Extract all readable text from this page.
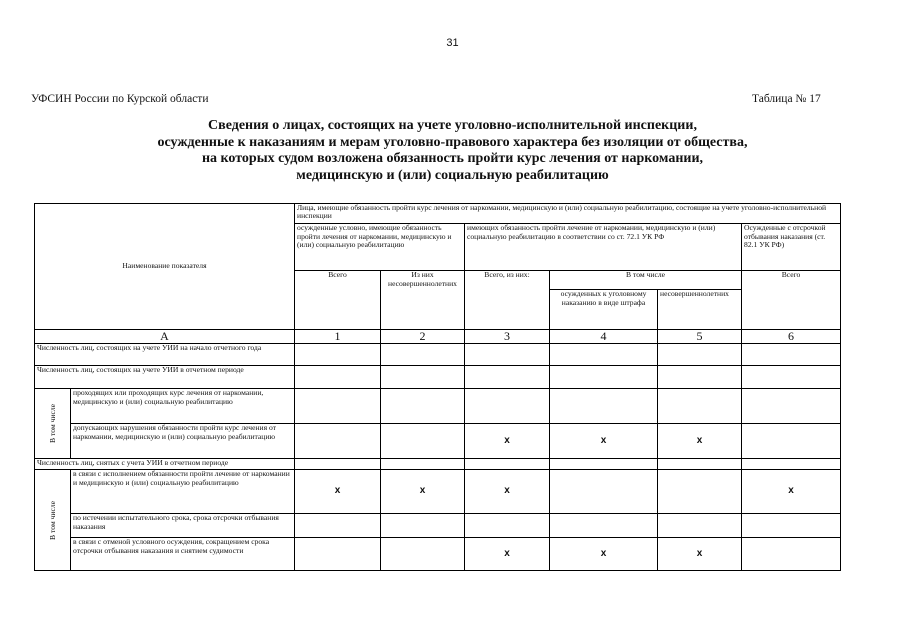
31
УФСИН России по Курской области	Таблица № 17
Сведения о лицах, состоящих на учете уголовно-исполнительной инспекции,
осужденные к наказаниям и мерам уголовно-правового характера без изоляции от общества,
на которых судом возложена обязанность пройти курс лечения от наркомании,
медицинскую и (или) социальную реабилитацию
Наименование показателя		Лица, имеющие обязанность пройти курс лечения от наркомании, медицинскую и (или) социальную реабилитацию, состоящие на учете уголовно-исполнительной инспекции					
		осужденные условно, имеющие обязанность пройти лечения от наркомании, медицинскую и (или) социальную реабилитацию		имеющих обязанность пройти лечение от наркомании, медицинскую и (или) социальную реабилитацию в соответствии со ст. 72.1 УК РФ			Осужденные с отсрочкой отбывания наказания (ст. 82.1 УК РФ)
		Всего	Из них несовершеннолетних	Всего, из них:	В том числе		Всего
					осужденных к уголовному наказанию в виде штрафа	несовершеннолетних	
А		1	2	3	4	5	6
Численность лиц, состоящих на учете УИИ на начало отчетного года							
Численность лиц, состоящих на учете УИИ в отчетном периоде							

В том числе	проходящих или проходящих курс лечения от наркомании, медицинскую и (или) социальную реабилитацию						
	допускающих нарушения обязанности пройти курс лечения от наркомании, медицинскую и (или) социальную реабилитацию			х	х	х	
Численность лиц, снятых с учета УИИ в отчетном периоде							

В том числе	в связи с исполнением обязанности пройти лечение от наркомании и медицинскую и (или) социальную реабилитацию	х	х	х			х
	по истечении испытательного срока, срока отсрочки отбывания наказания						
	в связи с отменой условного осуждения, сокращением срока отсрочки отбывания наказания и снятием судимости			х	х	х	
